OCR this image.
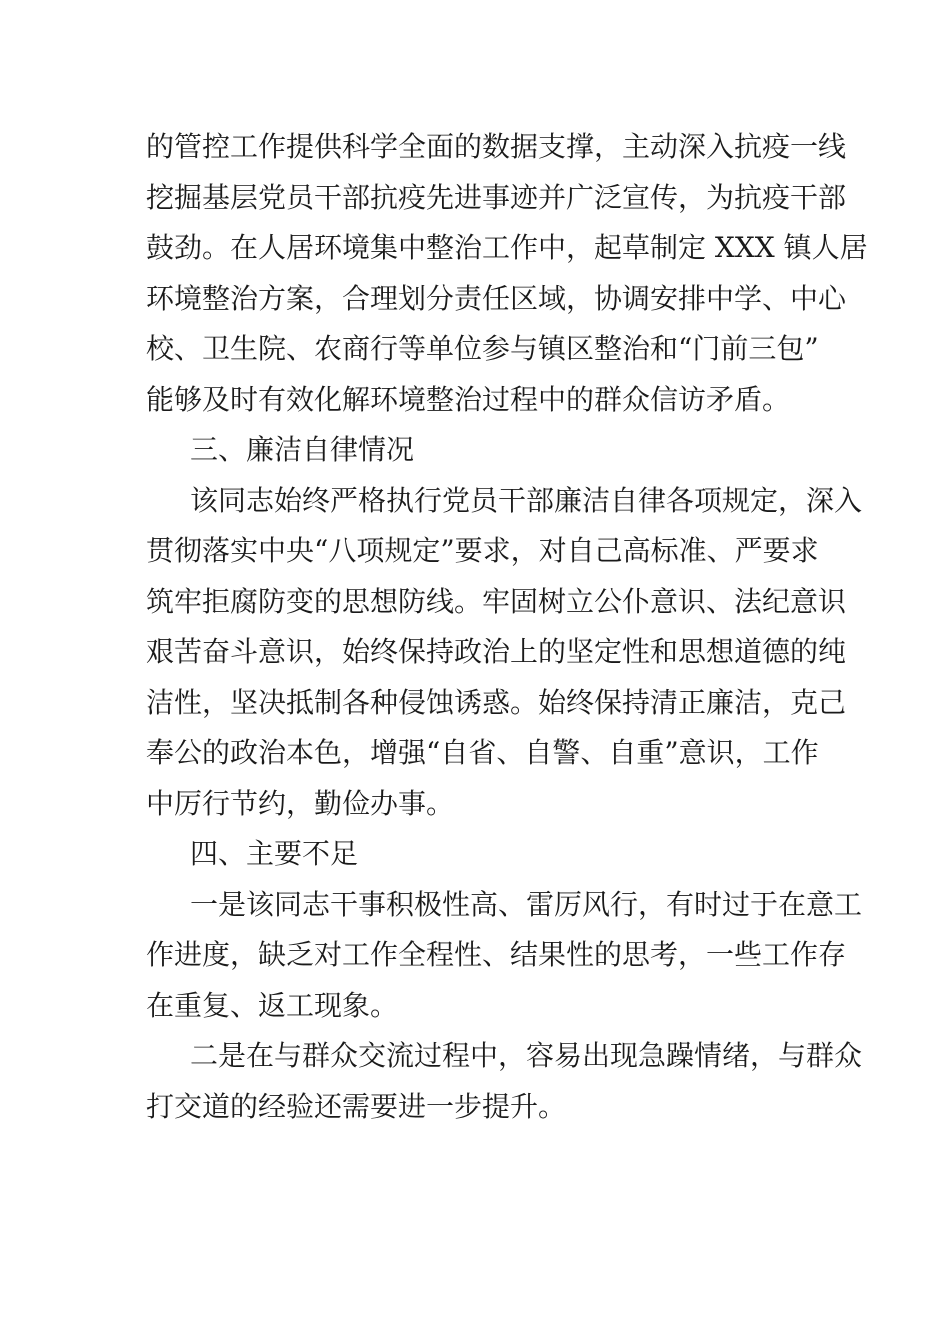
的管控工作提供科学全面的数据支撑，主动深入抗疫一线
挖掘基层党员干部抗疫先进事迹并广泛宣传，为抗疫干部
鼓劲。在人居环境集中整治工作中，起草制定 XXX 镇人居
环境整治方案，合理划分责任区域，协调安排中学、中心
校、卫生院、农商行等单位参与镇区整治和“门前三包”
能够及时有效化解环境整治过程中的群众信访矛盾。
三、廉洁自律情况
该同志始终严格执行党员干部廉洁自律各项规定，深入
贯彻落实中央“八项规定”要求，对自己高标准、严要求
筑牢拒腐防变的思想防线。牢固树立公仆意识、法纪意识
艰苦奋斗意识，始终保持政治上的坚定性和思想道德的纯
洁性，坚决抵制各种侵蚀诱惑。始终保持清正廉洁，克己
奉公的政治本色，增强“自省、自警、自重”意识，工作
中厉行节约，勤俭办事。
四、主要不足
一是该同志干事积极性高、雷厉风行，有时过于在意工
作进度，缺乏对工作全程性、结果性的思考，一些工作存
在重复、返工现象。
二是在与群众交流过程中，容易出现急躁情绪，与群众
打交道的经验还需要进一步提升。
